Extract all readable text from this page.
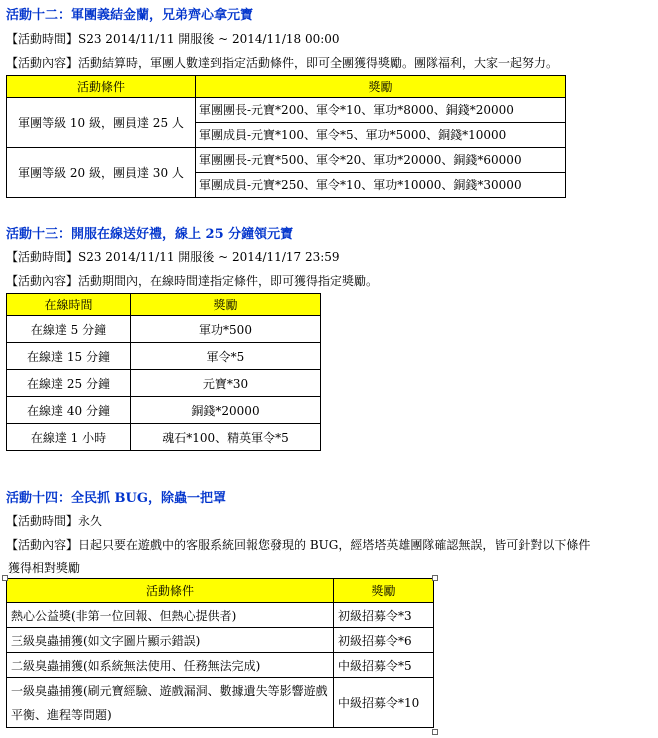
活動十二：軍團義結金蘭，兄弟齊心拿元寶
【活動時間】S23 2014/11/11 開服後 ~ 2014/11/18 00:00
【活動內容】活動結算時，軍團人數達到指定活動條件，即可全團獲得獎勵。團隊福利，大家一起努力。
活動條件	獎勵
軍團等級 10 級，團員達 25 人	軍團團長-元寶*200、軍令*10、軍功*8000、銅錢*20000
軍團成員-元寶*100、軍令*5、軍功*5000、銅錢*10000

軍團等級 20 級，團員達 30 人	軍團團長-元寶*500、軍令*20、軍功*20000、銅錢*60000
軍團成員-元寶*250、軍令*10、軍功*10000、銅錢*30000
活動十三：開服在線送好禮，線上 25 分鐘領元寶
【活動時間】S23 2014/11/11 開服後 ~ 2014/11/17 23:59
【活動內容】活動期間內，在線時間達指定條件，即可獲得指定獎勵。
在線時間	獎勵
在線達 5 分鐘	軍功*500
在線達 15 分鐘	軍令*5
在線達 25 分鐘	元寶*30
在線達 40 分鐘	銅錢*20000
在線達 1 小時	魂石*100、精英軍令*5
活動十四：全民抓 BUG，除蟲一把罩
【活動時間】永久
【活動內容】日起只要在遊戲中的客服系統回報您發現的 BUG，經塔塔英雄團隊確認無誤，皆可針對以下條件
獲得相對獎勵
活動條件	獎勵
熱心公益獎(非第一位回報、但熱心提供者)	初級招募令*3
三級臭蟲捕獲(如文字圖片顯示錯誤)	初級招募令*6
二級臭蟲捕獲(如系統無法使用、任務無法完成)	中級招募令*5
一級臭蟲捕獲(刷元寶經驗、遊戲漏洞、數據遺失等影響遊戲平衡、進程等問題)	中級招募令*10
